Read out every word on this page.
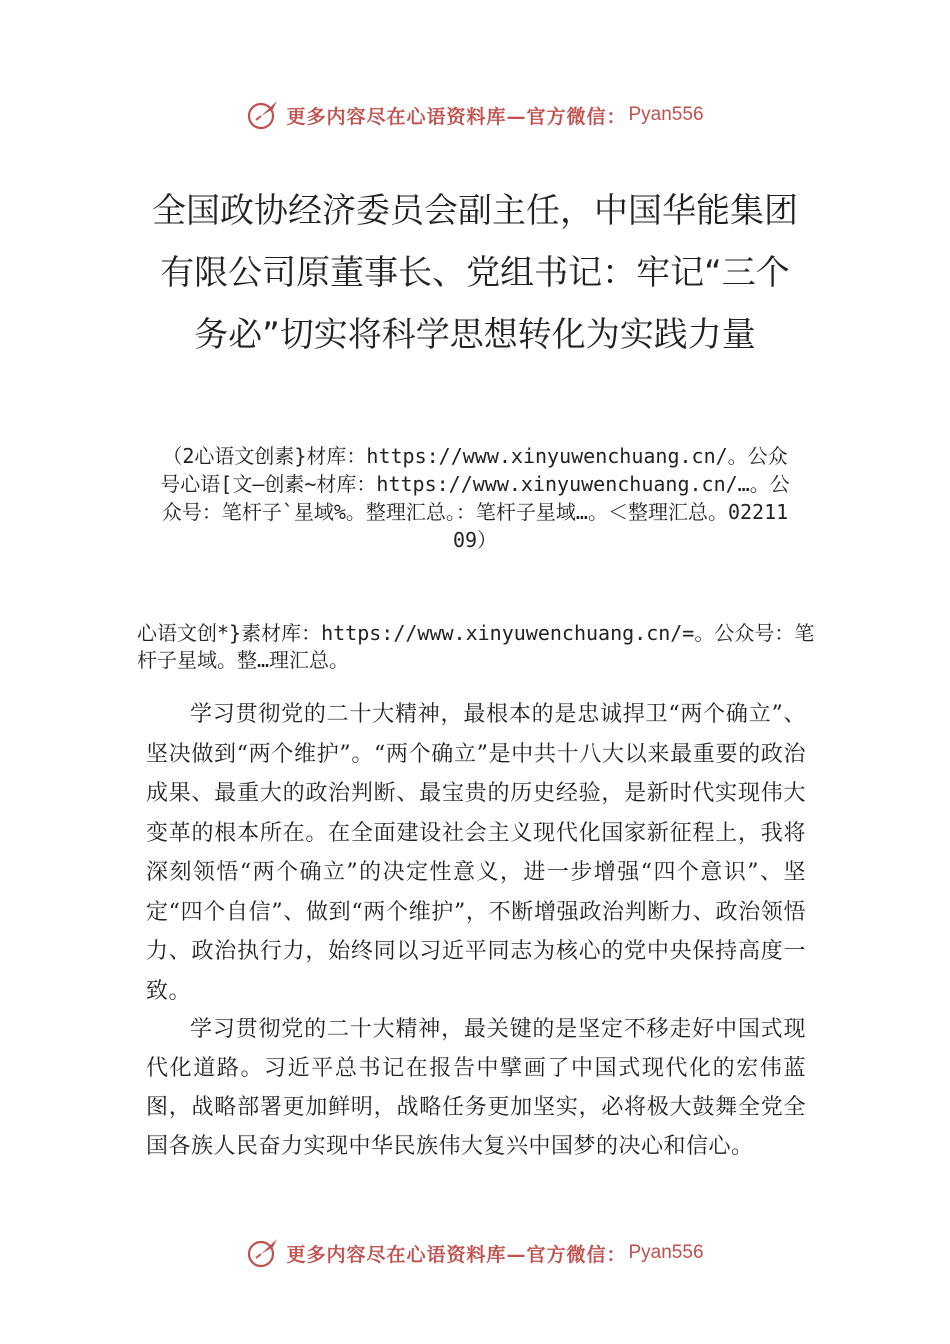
更多内容尽在心语资料库—官方微信： Pyan556
全国政协经济委员会副主任，中国华能集团有限公司原董事长、党组书记：牢记“三个务必”切实将科学思想转化为实践力量
（2心语文创素}材库：https://www.xinyuwenchuang.cn/。公众号心语[文—创素~材库：https://www.xinyuwenchuang.cn/…。公众号：笔杆子`星域%。整理汇总。：笔杆子星域…。＜整理汇总。0221109）
心语文创*}素材库：https://www.xinyuwenchuang.cn/=。公众号：笔杆子星域。整…理汇总。

学习贯彻党的二十大精神，最根本的是忠诚捍卫“两个确立”、坚决做到“两个维护”。“两个确立”是中共十八大以来最重要的政治成果、最重大的政治判断、最宝贵的历史经验，是新时代实现伟大变革的根本所在。在全面建设社会主义现代化国家新征程上，我将深刻领悟“两个确立”的决定性意义，进一步增强“四个意识”、坚定“四个自信”、做到“两个维护”，不断增强政治判断力、政治领悟力、政治执行力，始终同以习近平同志为核心的党中央保持高度一致。

学习贯彻党的二十大精神，最关键的是坚定不移走好中国式现代化道路。习近平总书记在报告中擘画了中国式现代化的宏伟蓝图，战略部署更加鲜明，战略任务更加坚实，必将极大鼓舞全党全国各族人民奋力实现中华民族伟大复兴中国梦的决心和信心。

更多内容尽在心语资料库—官方微信： Pyan556
